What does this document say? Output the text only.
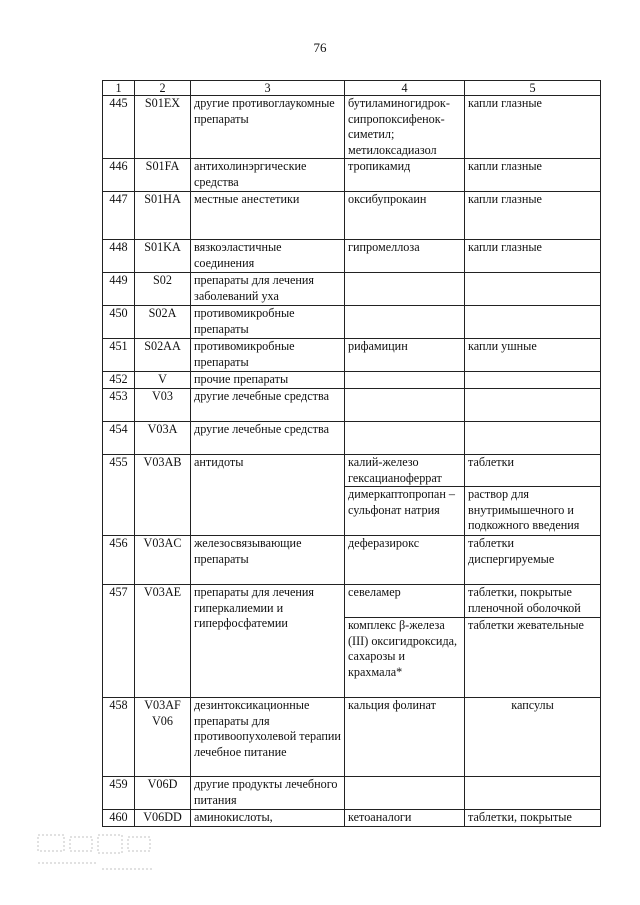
76
1	2	3	4	5
445	S01EX	другие противоглаукомные препараты	бутиламиногидрок-сипропоксифенок-симетил; метилоксадиазол	капли глазные
446	S01FA	антихолинэргические средства	тропикамид	капли глазные
447	S01HA	местные анестетики	оксибупрокаин	капли глазные
448	S01KA	вязкоэластичные соединения	гипромеллоза	капли глазные
449	S02	препараты для лечения заболеваний уха		
450	S02A	противомикробные препараты		
451	S02AA	противомикробные препараты	рифамицин	капли ушные
452	V	прочие препараты		
453	V03	другие лечебные средства		
454	V03A	другие лечебные средства		
455	V03AB	антидоты	калий-железо гексацианоферрат	таблетки
			димеркаптопропан – сульфонат натрия	раствор для внутримышечного и подкожного введения
456	V03AC	железосвязывающие препараты	деферазирокс	таблетки диспергируемые
457	V03AE	препараты для лечения гиперкалиемии и гиперфосфатемии	севеламер	таблетки, покрытые пленочной оболочкой
			комплекс β-железа (III) оксигидроксида, сахарозы и крахмала*	таблетки жевательные
458	V03AF V06	дезинтоксикационные препараты для противоопухолевой терапии лечебное питание	кальция фолинат	капсулы
459	V06D	другие продукты лечебного питания		
460	V06DD	аминокислоты,	кетоаналоги	таблетки, покрытые
